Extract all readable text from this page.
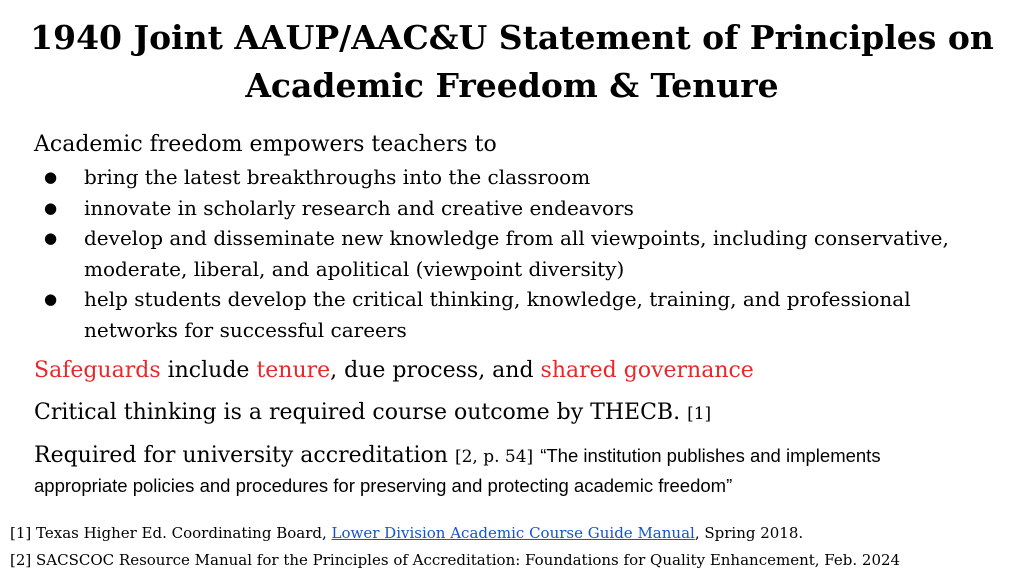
1940 Joint AAUP/AAC&U Statement of Principles on Academic Freedom & Tenure

Academic freedom empowers teachers to

● bring the latest breakthroughs into the classroom
● innovate in scholarly research and creative endeavors
● develop and disseminate new knowledge from all viewpoints, including conservative, moderate, liberal, and apolitical (viewpoint diversity)
● help students develop the critical thinking, knowledge, training, and professional networks for successful careers

Safeguards include tenure, due process, and shared governance

Critical thinking is a required course outcome by THECB. [1]

Required for university accreditation [2, p. 54] “The institution publishes and implements

appropriate policies and procedures for preserving and protecting academic freedom”

[1] Texas Higher Ed. Coordinating Board, Lower Division Academic Course Guide Manual, Spring 2018.

[2] SACSCOC Resource Manual for the Principles of Accreditation: Foundations for Quality Enhancement, Feb. 2024
